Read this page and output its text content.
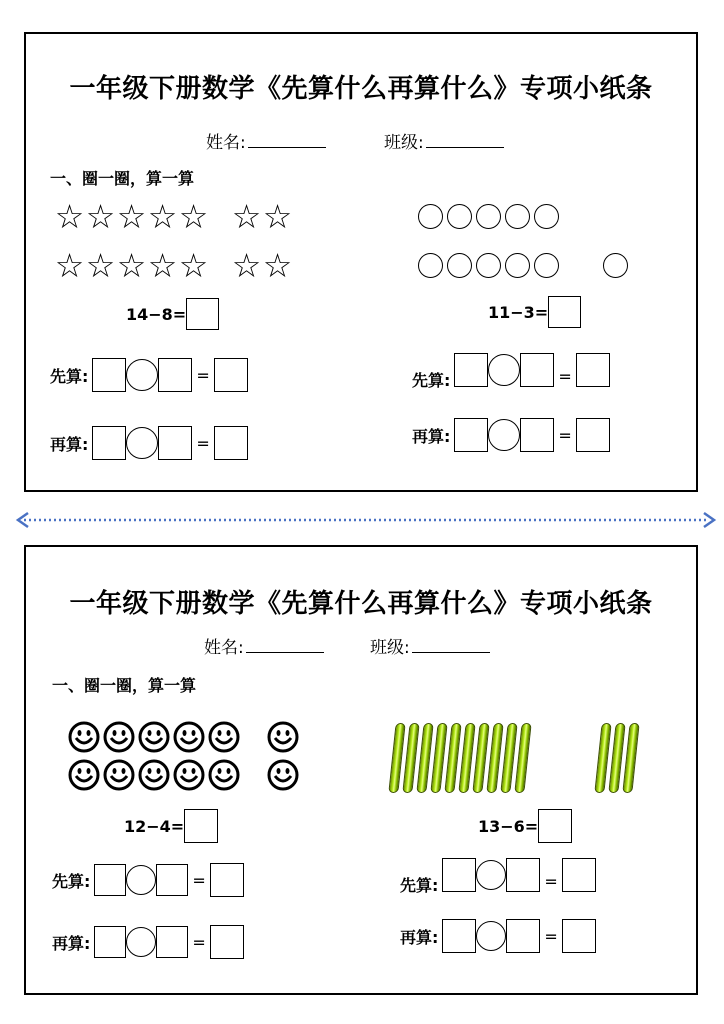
一年级下册数学《先算什么再算什么》专项小纸条
姓名:	班级:
一、圈一圈，算一算
☆ ☆ ☆ ☆ ☆ ☆ ☆
☆ ☆ ☆ ☆ ☆ ☆ ☆
14−8=	11−3=
先算:	=
再算:	=
先算:	=
再算:	=
一年级下册数学《先算什么再算什么》专项小纸条
姓名:	班级:
一、圈一圈，算一算
12−4=	13−6=
先算:	=
再算:	=
先算:	=
再算:	=
